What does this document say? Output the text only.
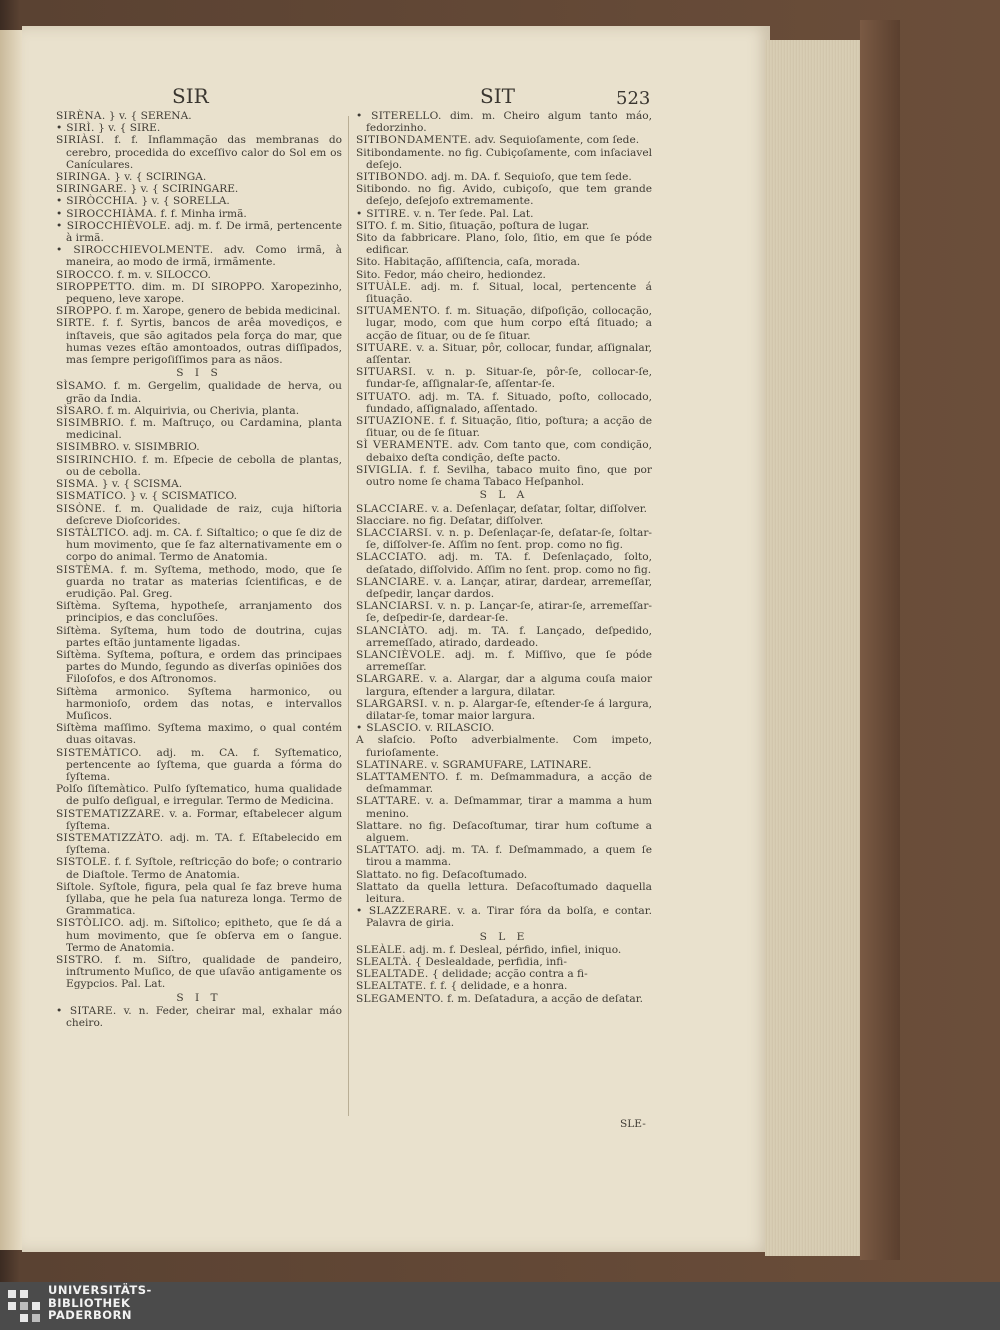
SIR	SIT	523

SIRÈNA. } v. { SERENA.

• SIRÌ. } v. { SIRE.

SIRIÀSI. f. f. Inflammação das membranas do cerebro, procedida do exceſſivo calor do Sol em os Canículares.

SIRINGA. } v. { SCIRINGA.

SIRINGARE. } v. { SCIRINGARE.

• SIRÒCCHIA. } v. { SORELLA.

• SIROCCHIÀMA. f. f. Minha irmã.

• SIROCCHIÈVOLE. adj. m. f. De irmã, pertencente à irmã.

• SIROCCHIEVOLMENTE. adv. Como irmã, à maneira, ao modo de irmã, irmãmente.

SIROCCO. f. m. v. SILOCCO.

SIROPPETTO. dim. m. DI SIROPPO. Xaropezinho, pequeno, leve xarope.

SIROPPO. f. m. Xarope, genero de bebida medicinal.

SIRTE. f. f. Syrtis, bancos de arêa movediços, e inſtaveis, que são agitados pela força do mar, que humas vezes eſtão amontoados, outras diſſipados, mas ſempre perigoſiſſimos para as nãos.

S I S

SÌSAMO. f. m. Gergelim, qualidade de herva, ou grão da India.

SÌSARO. f. m. Alquirivia, ou Cherivia, planta.

SISIMBRIO. f. m. Maſtruço, ou Cardamina, planta medicinal.

SISIMBRO. v. SISIMBRIO.

SISIRINCHIO. f. m. Eſpecie de cebolla de plantas, ou de cebolla.

SISMA. } v. { SCISMA.

SISMATICO. } v. { SCISMATICO.

SISÒNE. f. m. Qualidade de raiz, cuja hiſtoria deſcreve Dioſcorides.

SISTÀLTICO. adj. m. CA. f. Siſtaltico; o que ſe diz de hum movimento, que ſe faz alternativamente em o corpo do animal. Termo de Anatomia.

SISTÈMA. f. m. Syſtema, methodo, modo, que ſe guarda no tratar as materias ſcientificas, e de erudição. Pal. Greg.

Siſtèma. Syſtema, hypotheſe, arranjamento dos principios, e das concluſões.

Siſtèma. Syſtema, hum todo de doutrina, cujas partes eſtão juntamente ligadas.

Siſtèma. Syſtema, poſtura, e ordem das principaes partes do Mundo, ſegundo as diverſas opiniões dos Filoſofos, e dos Aſtronomos.

Siſtèma armonico. Syſtema harmonico, ou harmonioſo, ordem das notas, e intervallos Muſicos.

Siſtèma maſſimo. Syſtema maximo, o qual contém duas oitavas.

SISTEMÀTICO. adj. m. CA. f. Syſtematico, pertencente ao ſyſtema, que guarda a fórma do ſyſtema.

Polſo ſiſtemàtico. Pulſo ſyſtematico, huma qualidade de pulſo deſigual, e irregular. Termo de Medicina.

SISTEMATIZZARE. v. a. Formar, eſtabelecer algum ſyſtema.

SISTEMATIZZÀTO. adj. m. TA. f. Eſtabelecido em ſyſtema.

SISTOLE. f. f. Syſtole, reſtricção do bofe; o contrario de Diaſtole. Termo de Anatomia.

Siſtole. Syſtole, figura, pela qual ſe faz breve huma ſyllaba, que he pela ſua natureza longa. Termo de Grammatica.

SISTÒLICO. adj. m. Siſtolico; epitheto, que ſe dá a hum movimento, que ſe obſerva em o ſangue. Termo de Anatomia.

SISTRO. f. m. Siſtro, qualidade de pandeiro, inſtrumento Muſico, de que uſavão antigamente os Egypcios. Pal. Lat.

S I T

• SITARE. v. n. Feder, cheirar mal, exhalar máo cheiro.

• SITERELLO. dim. m. Cheiro algum tanto máo, fedorzinho.

SITIBONDAMENTE. adv. Sequioſamente, com ſede.

Sitibondamente. no fig. Cubiçoſamente, com inſaciavel deſejo.

SITIBONDO. adj. m. DA. f. Sequioſo, que tem ſede.

Sitibondo. no fig. Avido, cubiçoſo, que tem grande deſejo, deſejoſo extremamente.

• SITIRE. v. n. Ter ſede. Pal. Lat.

SITO. f. m. Sitio, ſituação, poſtura de lugar.

Sito da fabbricare. Plano, ſolo, ſitio, em que ſe póde edificar.

Sito. Habitação, aſſiſtencia, caſa, morada.

Sito. Fedor, máo cheiro, hediondez.

SITUÀLE. adj. m. f. Situal, local, pertencente á ſituação.

SITUAMENTO. f. m. Situação, diſpoſição, collocação, lugar, modo, com que hum corpo eſtá ſituado; a acção de ſituar, ou de ſe ſituar.

SITUARE. v. a. Situar, pôr, collocar, fundar, aſſignalar, aſſentar.

SITUARSI. v. n. p. Situar-ſe, pôr-ſe, collocar-ſe, fundar-ſe, aſſignalar-ſe, aſſentar-ſe.

SITUATO. adj. m. TA. f. Situado, poſto, collocado, fundado, aſſignalado, aſſentado.

SITUAZIONE. f. f. Situação, ſitio, poſtura; a acção de ſituar, ou de ſe ſituar.

SÌ VERAMENTE. adv. Com tanto que, com condição, debaixo deſta condição, deſte pacto.

SIVIGLIA. f. f. Sevilha, tabaco muito fino, que por outro nome ſe chama Tabaco Heſpanhol.

S L A

SLACCIARE. v. a. Deſenlaçar, deſatar, ſoltar, diſſolver.

Slacciare. no fig. Deſatar, diſſolver.

SLACCIARSI. v. n. p. Deſenlaçar-ſe, deſatar-ſe, ſoltar-ſe, diſſolver-ſe. Aſſim no ſent. prop. como no fig.

SLACCIATO. adj. m. TA. f. Deſenlaçado, ſolto, deſatado, diſſolvido. Aſſim no ſent. prop. como no fig.

SLANCIARE. v. a. Lançar, atirar, dardear, arremeſſar, deſpedir, lançar dardos.

SLANCIARSI. v. n. p. Lançar-ſe, atirar-ſe, arremeſſar-ſe, deſpedir-ſe, dardear-ſe.

SLANCIÀTO. adj. m. TA. f. Lançado, deſpedido, arremeſſado, atirado, dardeado.

SLANCIÈVOLE. adj. m. f. Miſſivo, que ſe póde arremeſſar.

SLARGARE. v. a. Alargar, dar a alguma couſa maior largura, eſtender a largura, dilatar.

SLARGARSI. v. n. p. Alargar-ſe, eſtender-ſe á largura, dilatar-ſe, tomar maior largura.

• SLASCIO. v. RILASCIO.

A slaſcio. Poſto adverbialmente. Com impeto, furioſamente.

SLATINARE. v. SGRAMUFARE, LATINARE.

SLATTAMENTO. f. m. Deſmammadura, a acção de deſmammar.

SLATTARE. v. a. Deſmammar, tirar a mamma a hum menino.

Slattare. no fig. Deſacoſtumar, tirar hum coſtume a alguem.

SLATTATO. adj. m. TA. f. Deſmammado, a quem ſe tirou a mamma.

Slattato. no fig. Deſacoſtumado.

Slattato da quella lettura. Deſacoſtumado daquella leitura.

• SLAZZERARE. v. a. Tirar fóra da bolſa, e contar. Palavra de giria.

S L E

SLEÀLE. adj. m. f. Desleal, pérfido, infiel, iniquo.

SLEALTÀ. { Deslealdade, perfidia, infi-

SLEALTADE. { delidade; acção contra a fi-

SLEALTATE. f. f. { delidade, e a honra.

SLEGAMENTO. f. m. Deſatadura, a acção de deſatar.

SLE-
UNIVERSITÄTS-
BIBLIOTHEK
PADERBORN
